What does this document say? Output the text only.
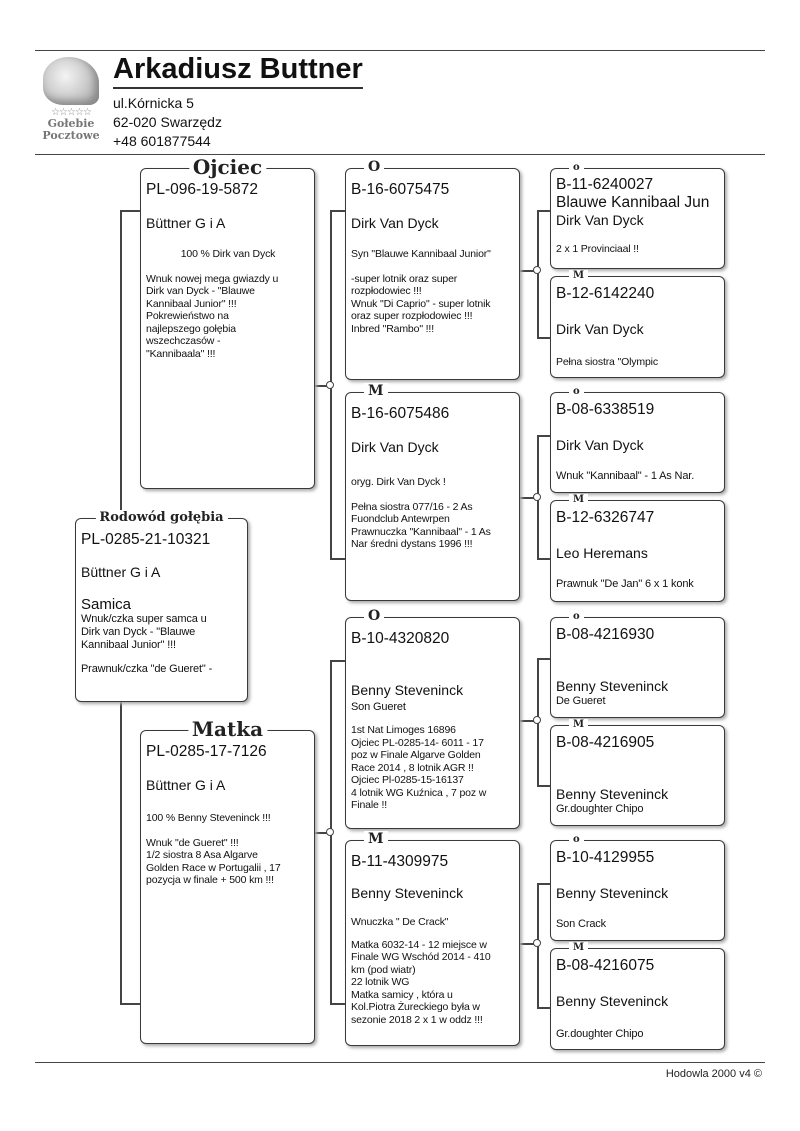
☆☆☆☆☆
Gołebie
Pocztowe
Arkadiusz Buttner
ul.Kórnicka 5
62-020 Swarzędz
+48 601877544
Rodowód gołębia
PL-0285-21-10321
Büttner G i A
Samica
Wnuk/czka super samca u
Dirk van Dyck - "Blauwe
Kannibaal Junior" !!!
Prawnuk/czka "de Gueret" -
Ojciec
PL-096-19-5872
Büttner G i A
100 % Dirk van Dyck
Wnuk nowej mega gwiazdy u
Dirk van Dyck - "Blauwe
Kannibaal Junior" !!!
Pokrewieństwo na
najlepszego gołębia
wszechczasów -
"Kannibaala" !!!
Matka
PL-0285-17-7126
Büttner G i A
100 % Benny Steveninck !!!
Wnuk "de Gueret" !!!
1/2 siostra 8 Asa Algarve
Golden Race w Portugalii , 17
pozycja w finale + 500 km !!!
O
B-16-6075475
Dirk Van Dyck
Syn "Blauwe Kannibaal Junior"
-super lotnik oraz super
rozpłodowiec !!!
Wnuk "Di Caprio" - super lotnik
oraz super rozpłodowiec !!!
Inbred "Rambo" !!!
M
B-16-6075486
Dirk Van Dyck
oryg. Dirk Van Dyck !
Pełna siostra 077/16 - 2 As
Fuondclub Antewrpen
Prawnuczka "Kannibaal" - 1 As
Nar średni dystans 1996 !!!
O
B-10-4320820
Benny Steveninck
Son Gueret
1st Nat Limoges 16896
Ojciec PL-0285-14- 6011 - 17
poz w Finale Algarve Golden
Race 2014 , 8 lotnik AGR !!
Ojciec Pl-0285-15-16137
4 lotnik WG Kuźnica , 7 poz w
Finale !!
M
B-11-4309975
Benny Steveninck
Wnuczka " De Crack"
Matka 6032-14 - 12 miejsce w
Finale WG Wschód 2014 - 410
km (pod wiatr)
22 lotnik WG
Matka samicy , która u
Kol.Piotra Żureckiego była w
sezonie 2018 2 x 1 w oddz !!!
o
B-11-6240027
Blauwe Kannibaal Jun
Dirk Van Dyck
2 x 1 Provinciaal !!
M
B-12-6142240
Dirk Van Dyck
Pełna siostra "Olympic
o
B-08-6338519
Dirk Van Dyck
Wnuk "Kannibaal" - 1 As Nar.
M
B-12-6326747
Leo Heremans
Prawnuk "De Jan" 6 x 1 konk
o
B-08-4216930
Benny Steveninck
De Gueret
M
B-08-4216905
Benny Steveninck
Gr.doughter Chipo
o
B-10-4129955
Benny Steveninck
Son Crack
M
B-08-4216075
Benny Steveninck
Gr.doughter Chipo
Hodowla 2000 v4 ©
